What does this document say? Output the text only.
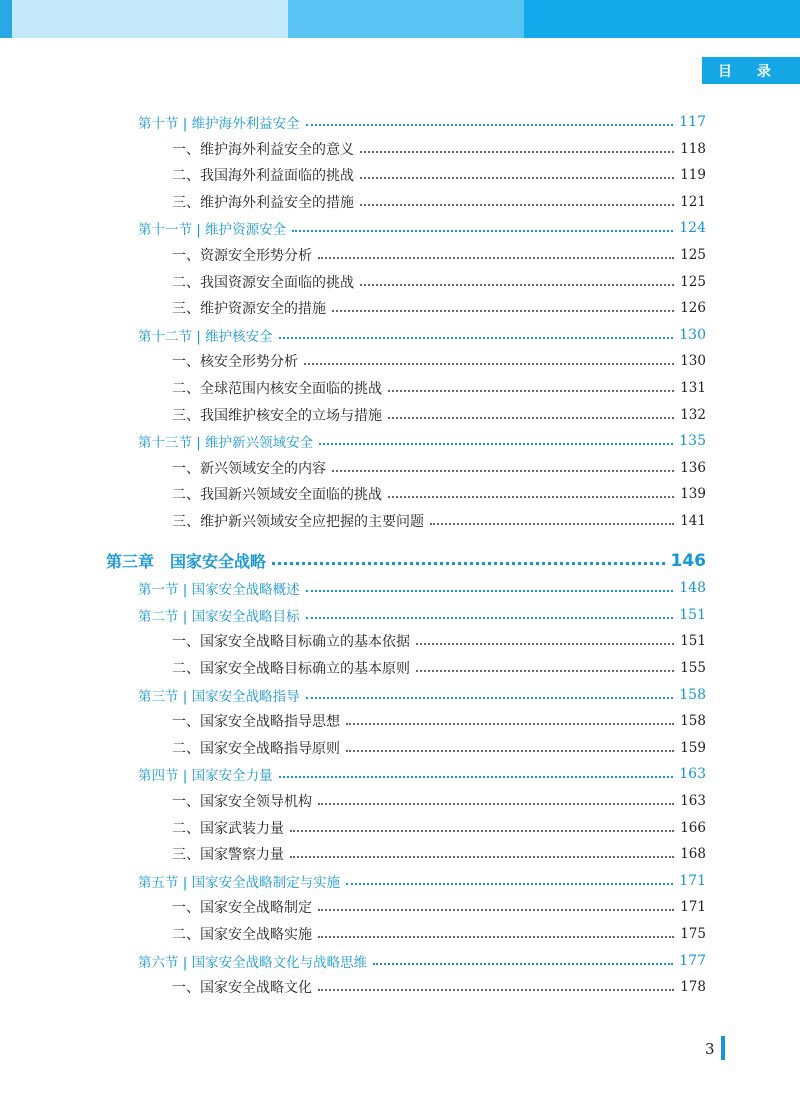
目 录
第十节 | 维护海外利益安全	117
一、维护海外利益安全的意义	118
二、我国海外利益面临的挑战	119
三、维护海外利益安全的措施	121
第十一节 | 维护资源安全	124
一、资源安全形势分析	125
二、我国资源安全面临的挑战	125
三、维护资源安全的措施	126
第十二节 | 维护核安全	130
一、核安全形势分析	130
二、全球范围内核安全面临的挑战	131
三、我国维护核安全的立场与措施	132
第十三节 | 维护新兴领域安全	135
一、新兴领域安全的内容	136
二、我国新兴领域安全面临的挑战	139
三、维护新兴领域安全应把握的主要问题	141
第三章　国家安全战略	146
第一节 | 国家安全战略概述	148
第二节 | 国家安全战略目标	151
一、国家安全战略目标确立的基本依据	151
二、国家安全战略目标确立的基本原则	155
第三节 | 国家安全战略指导	158
一、国家安全战略指导思想	158
二、国家安全战略指导原则	159
第四节 | 国家安全力量	163
一、国家安全领导机构	163
二、国家武装力量	166
三、国家警察力量	168
第五节 | 国家安全战略制定与实施	171
一、国家安全战略制定	171
二、国家安全战略实施	175
第六节 | 国家安全战略文化与战略思维	177
一、国家安全战略文化	178
3
